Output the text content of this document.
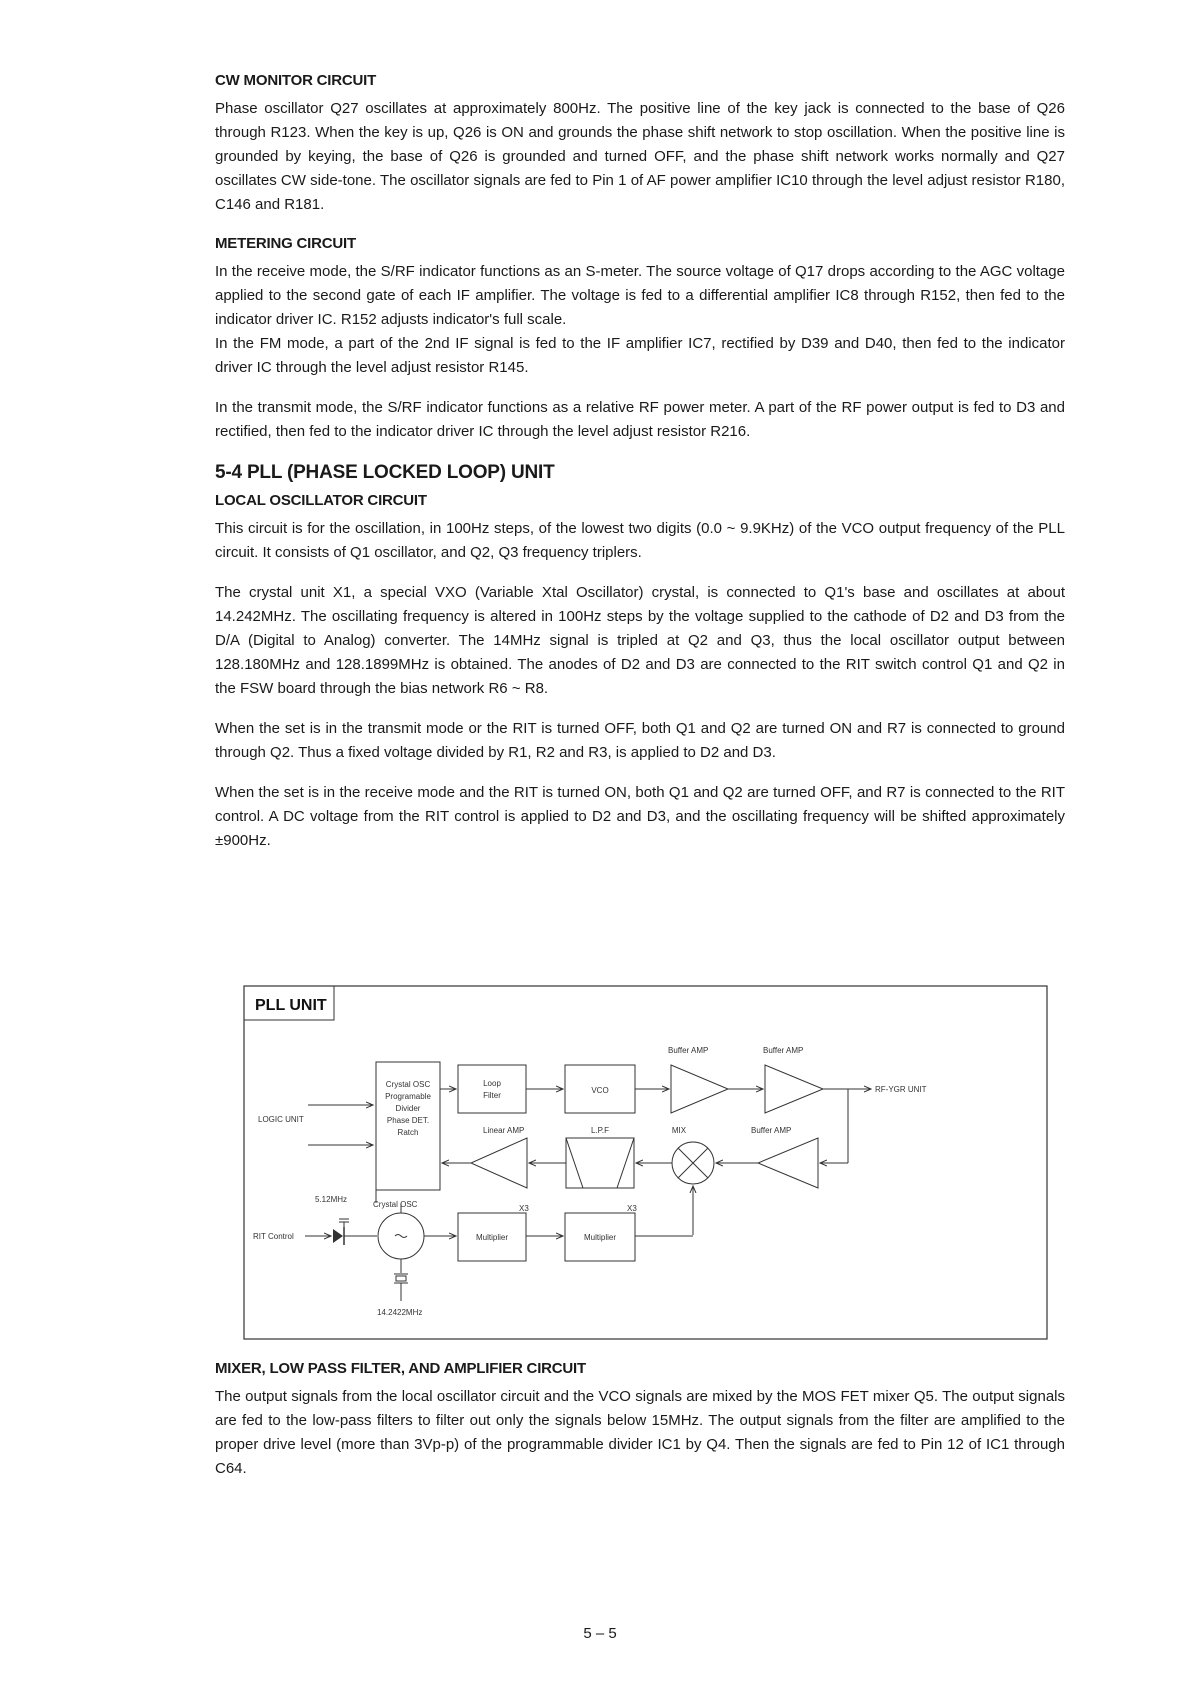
CW MONITOR CIRCUIT

Phase oscillator Q27 oscillates at approximately 800Hz. The positive line of the key jack is connected to the base of Q26 through R123. When the key is up, Q26 is ON and grounds the phase shift network to stop oscillation. When the positive line is grounded by keying, the base of Q26 is grounded and turned OFF, and the phase shift network works normally and Q27 oscillates CW side-tone. The oscillator signals are fed to Pin 1 of AF power amplifier IC10 through the level adjust resistor R180, C146 and R181.

METERING CIRCUIT

In the receive mode, the S/RF indicator functions as an S-meter. The source voltage of Q17 drops according to the AGC voltage applied to the second gate of each IF amplifier. The voltage is fed to a differential amplifier IC8 through R152, then fed to the indicator driver IC. R152 adjusts indicator's full scale.

In the FM mode, a part of the 2nd IF signal is fed to the IF amplifier IC7, rectified by D39 and D40, then fed to the indicator driver IC through the level adjust resistor R145.

In the transmit mode, the S/RF indicator functions as a relative RF power meter. A part of the RF power output is fed to D3 and rectified, then fed to the indicator driver IC through the level adjust resistor R216.

5-4 PLL (PHASE LOCKED LOOP) UNIT
LOCAL OSCILLATOR CIRCUIT

This circuit is for the oscillation, in 100Hz steps, of the lowest two digits (0.0 ~ 9.9KHz) of the VCO output frequency of the PLL circuit. It consists of Q1 oscillator, and Q2, Q3 frequency triplers.

The crystal unit X1, a special VXO (Variable Xtal Oscillator) crystal, is connected to Q1's base and oscillates at about 14.242MHz. The oscillating frequency is altered in 100Hz steps by the voltage supplied to the cathode of D2 and D3 from the D/A (Digital to Analog) converter. The 14MHz signal is tripled at Q2 and Q3, thus the local oscillator output between 128.180MHz and 128.1899MHz is obtained. The anodes of D2 and D3 are connected to the RIT switch control Q1 and Q2 in the FSW board through the bias network R6 ~ R8.

When the set is in the transmit mode or the RIT is turned OFF, both Q1 and Q2 are turned ON and R7 is connected to ground through Q2. Thus a fixed voltage divided by R1, R2 and R3, is applied to D2 and D3.

When the set is in the receive mode and the RIT is turned ON, both Q1 and Q2 are turned OFF, and R7 is connected to the RIT control. A DC voltage from the RIT control is applied to D2 and D3, and the oscillating frequency will be shifted approximately ±900Hz.

PLL UNIT
Crystal OSC
Programable
Divider
Phase DET.
Ratch
LOGIC UNIT
Loop
Filter
VCO
Buffer AMP	Buffer AMP
RF-YGR UNIT
Buffer AMP
MIX
L.P.F
Linear AMP
5.12MHz
Crystal OSC
RIT Control
14.2422MHz
X3
Multiplier
X3
Multiplier
MIXER, LOW PASS FILTER, AND AMPLIFIER CIRCUIT

The output signals from the local oscillator circuit and the VCO signals are mixed by the MOS FET mixer Q5. The output signals are fed to the low-pass filters to filter out only the signals below 15MHz. The output signals from the filter are amplified to the proper drive level (more than 3Vp-p) of the programmable divider IC1 by Q4. Then the signals are fed to Pin 12 of IC1 through C64.

5 – 5
